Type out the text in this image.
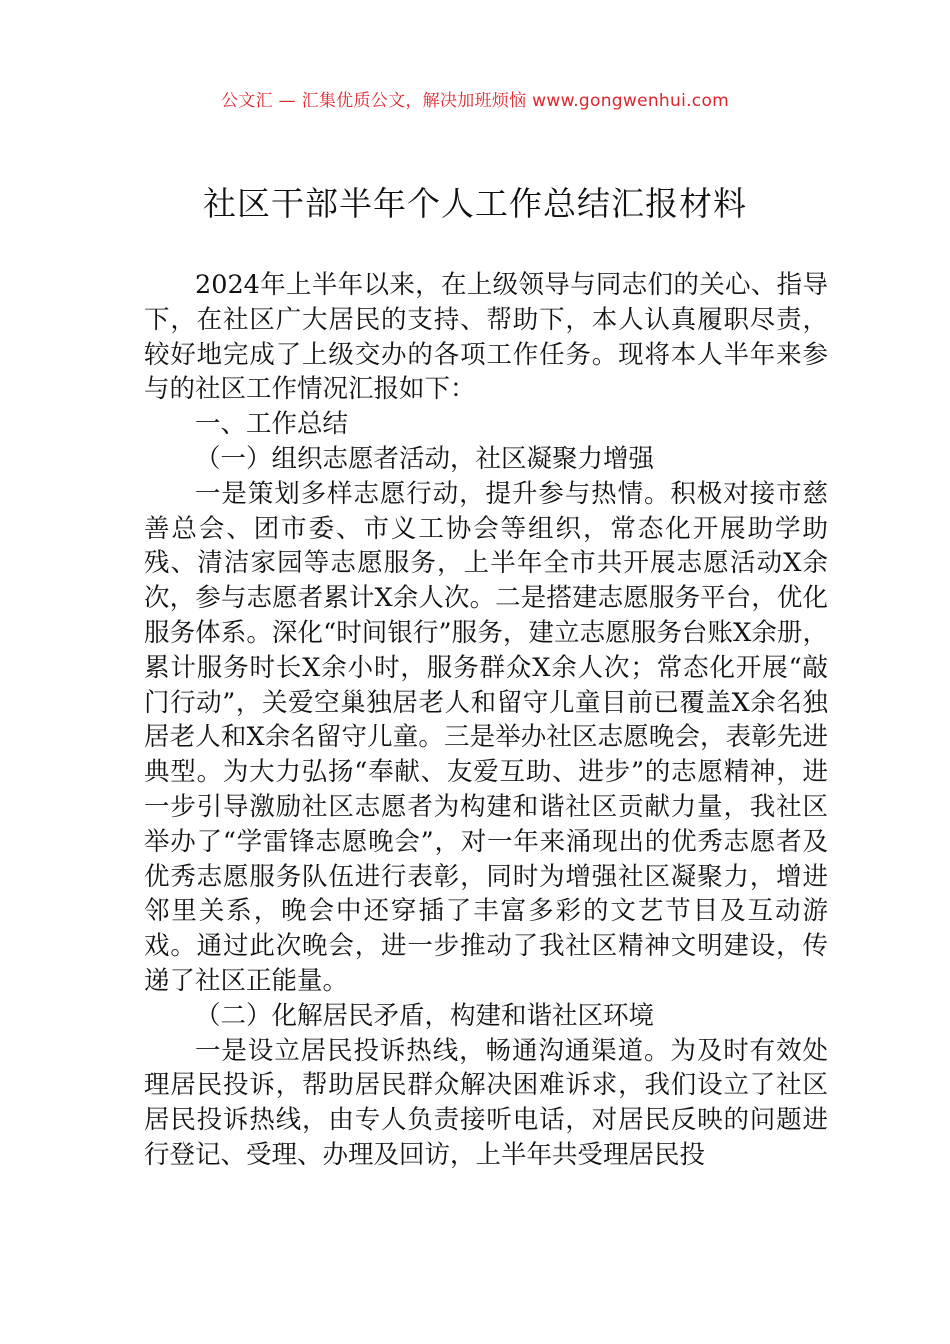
公文汇 — 汇集优质公文，解决加班烦恼 www.gongwenhui.com
社区干部半年个人工作总结汇报材料

2024年上半年以来，在上级领导与同志们的关心、指导下，在社区广大居民的支持、帮助下，本人认真履职尽责，较好地完成了上级交办的各项工作任务。现将本人半年来参与的社区工作情况汇报如下：

一、工作总结

（一）组织志愿者活动，社区凝聚力增强

一是策划多样志愿行动，提升参与热情。积极对接市慈善总会、团市委、市义工协会等组织，常态化开展助学助残、清洁家园等志愿服务，上半年全市共开展志愿活动X余次，参与志愿者累计X余人次。二是搭建志愿服务平台，优化服务体系。深化“时间银行”服务，建立志愿服务台账X余册，累计服务时长X余小时，服务群众X余人次；常态化开展“敲门行动”，关爱空巢独居老人和留守儿童目前已覆盖X余名独居老人和X余名留守儿童。三是举办社区志愿晚会，表彰先进典型。为大力弘扬“奉献、友爱互助、进步”的志愿精神，进一步引导激励社区志愿者为构建和谐社区贡献力量，我社区举办了“学雷锋志愿晚会”，对一年来涌现出的优秀志愿者及优秀志愿服务队伍进行表彰，同时为增强社区凝聚力，增进邻里关系，晚会中还穿插了丰富多彩的文艺节目及互动游戏。通过此次晚会，进一步推动了我社区精神文明建设，传递了社区正能量。

（二）化解居民矛盾，构建和谐社区环境

一是设立居民投诉热线，畅通沟通渠道。为及时有效处理居民投诉，帮助居民群众解决困难诉求，我们设立了社区居民投诉热线，由专人负责接听电话，对居民反映的问题进行登记、受理、办理及回访，上半年共受理居民投
